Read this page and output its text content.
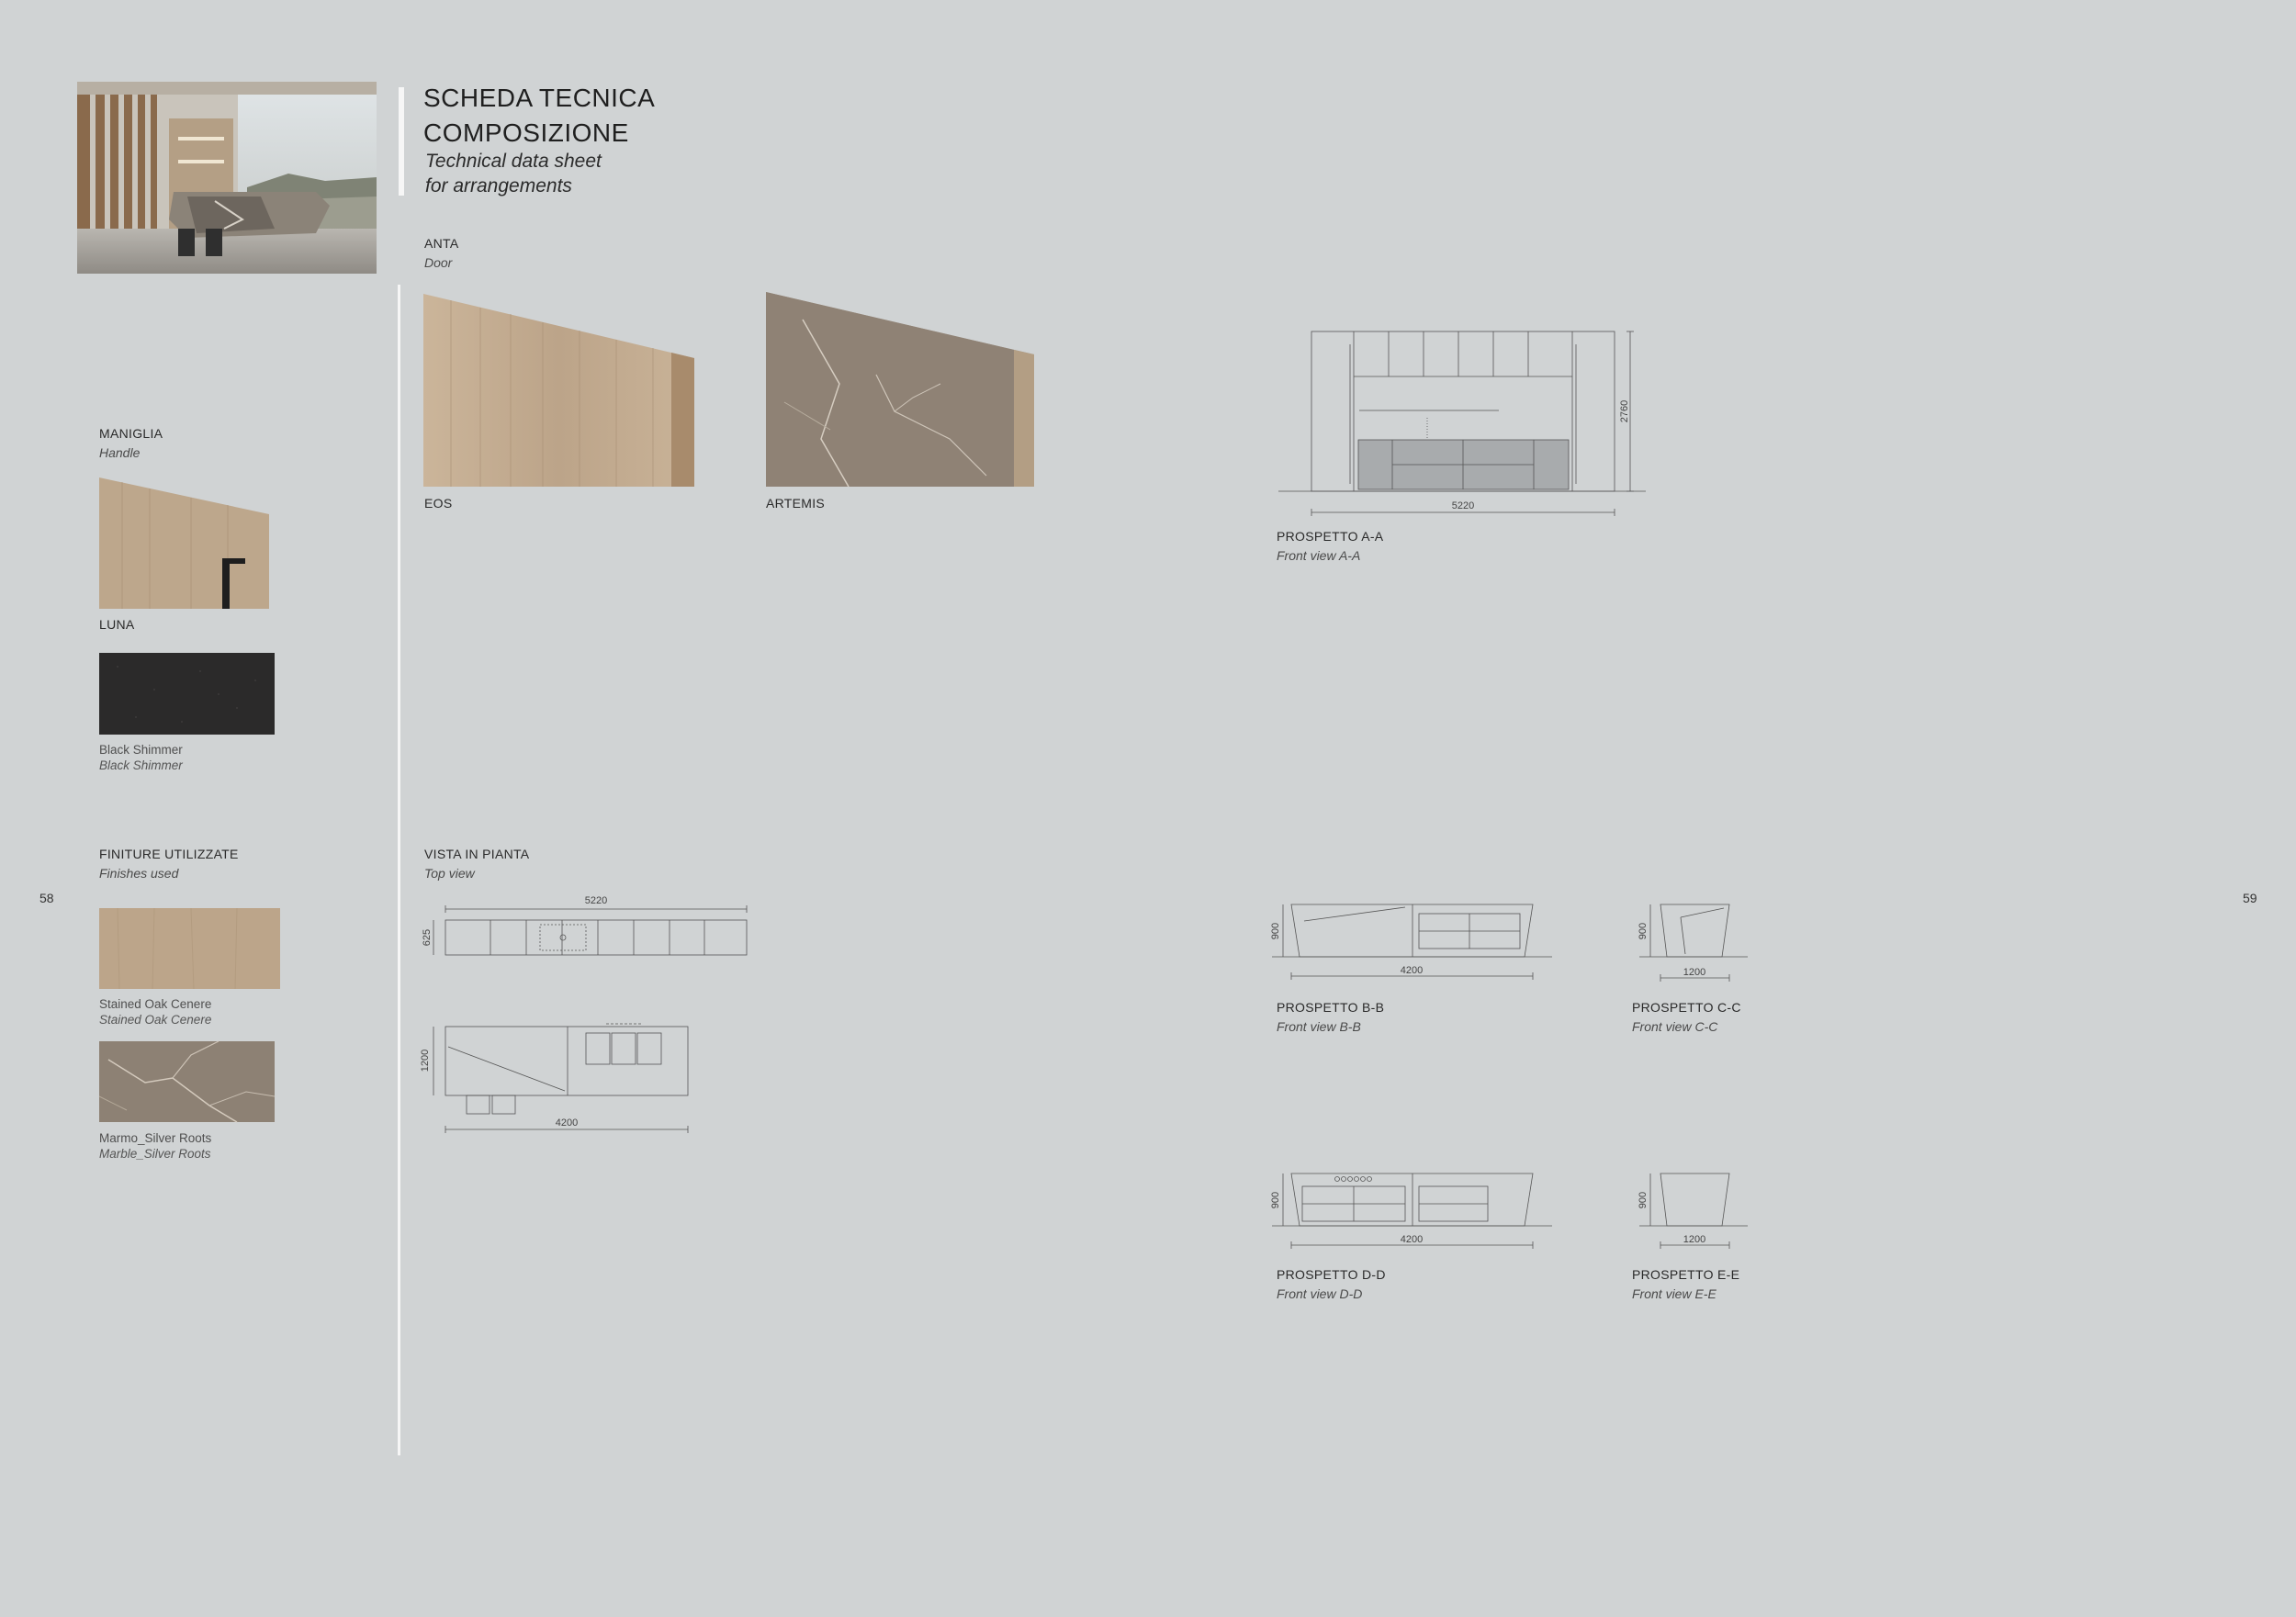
SCHEDA TECNICA
COMPOSIZIONE
Technical data sheet
for arrangements
58	59
ANTA
Door
EOS	ARTEMIS
MANIGLIA
Handle
LUNA
Black Shimmer
Black Shimmer
FINITURE UTILIZZATE
Finishes used
Stained Oak Cenere
Stained Oak Cenere
Marmo_Silver Roots
Marble_Silver Roots
VISTA IN PIANTA
Top view
5220
625
4200
1200
5220
2760
PROSPETTO A-A
Front view A-A
4200
900
PROSPETTO B-B
Front view B-B
1200
900
PROSPETTO C-C
Front view C-C
4200
900
PROSPETTO D-D
Front view D-D
1200
900
PROSPETTO E-E
Front view E-E
